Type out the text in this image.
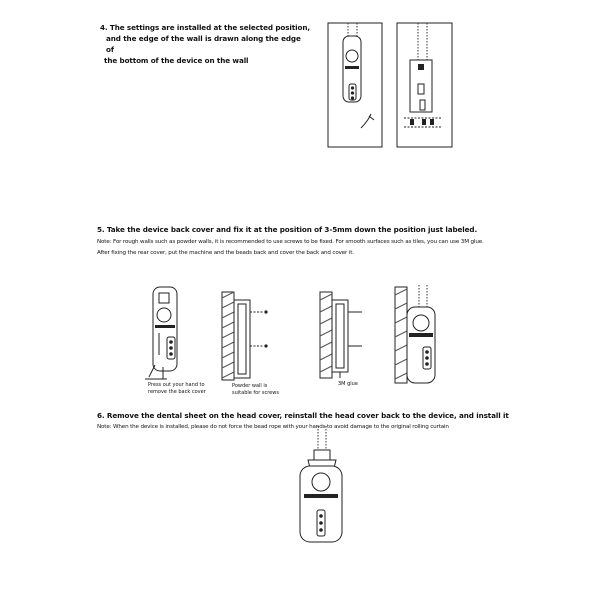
4. The settings are installed at the selected position,
and the edge of the wall is drawn along the edge of
the bottom of the device on the wall
5. Take the device back cover and fix it at the position of 3-5mm down the position just labeled.
Note: For rough walls such as powder walls, it is recommended to use screws to be fixed. For smooth surfaces such as tiles, you can use 3M glue.
After fixing the rear cover, put the machine and the beads back and cover the back and cover it.
Press out your hand to
remove the back cover
Powder wall is
suitable for screws
3M glue
6. Remove the dental sheet on the head cover, reinstall the head cover back to the device, and install it
Note: When the device is installed, please do not force the bead rope with your hands to avoid damage to the original rolling curtain
